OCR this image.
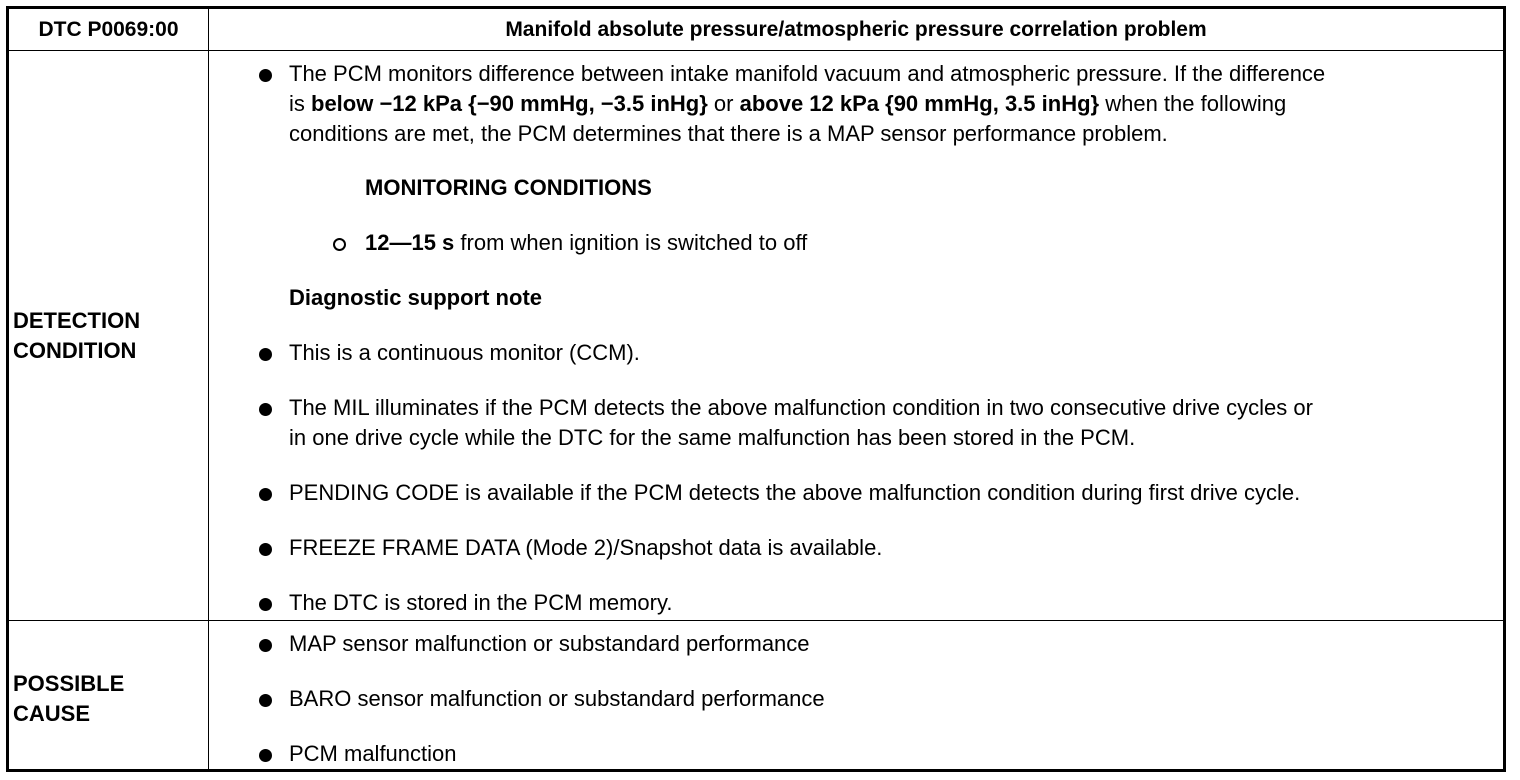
DTC P0069:00	Manifold absolute pressure/atmospheric pressure correlation problem
DETECTION
CONDITION
The PCM monitors difference between intake manifold vacuum and atmospheric pressure. If the difference
is below −12 kPa {−90 mmHg, −3.5 inHg} or above 12 kPa {90 mmHg, 3.5 inHg} when the following
conditions are met, the PCM determines that there is a MAP sensor performance problem.
MONITORING CONDITIONS
12—15 s from when ignition is switched to off
Diagnostic support note
This is a continuous monitor (CCM).
The MIL illuminates if the PCM detects the above malfunction condition in two consecutive drive cycles or
in one drive cycle while the DTC for the same malfunction has been stored in the PCM.
PENDING CODE is available if the PCM detects the above malfunction condition during first drive cycle.
FREEZE FRAME DATA (Mode 2)/Snapshot data is available.
The DTC is stored in the PCM memory.
POSSIBLE
CAUSE
MAP sensor malfunction or substandard performance
BARO sensor malfunction or substandard performance
PCM malfunction
